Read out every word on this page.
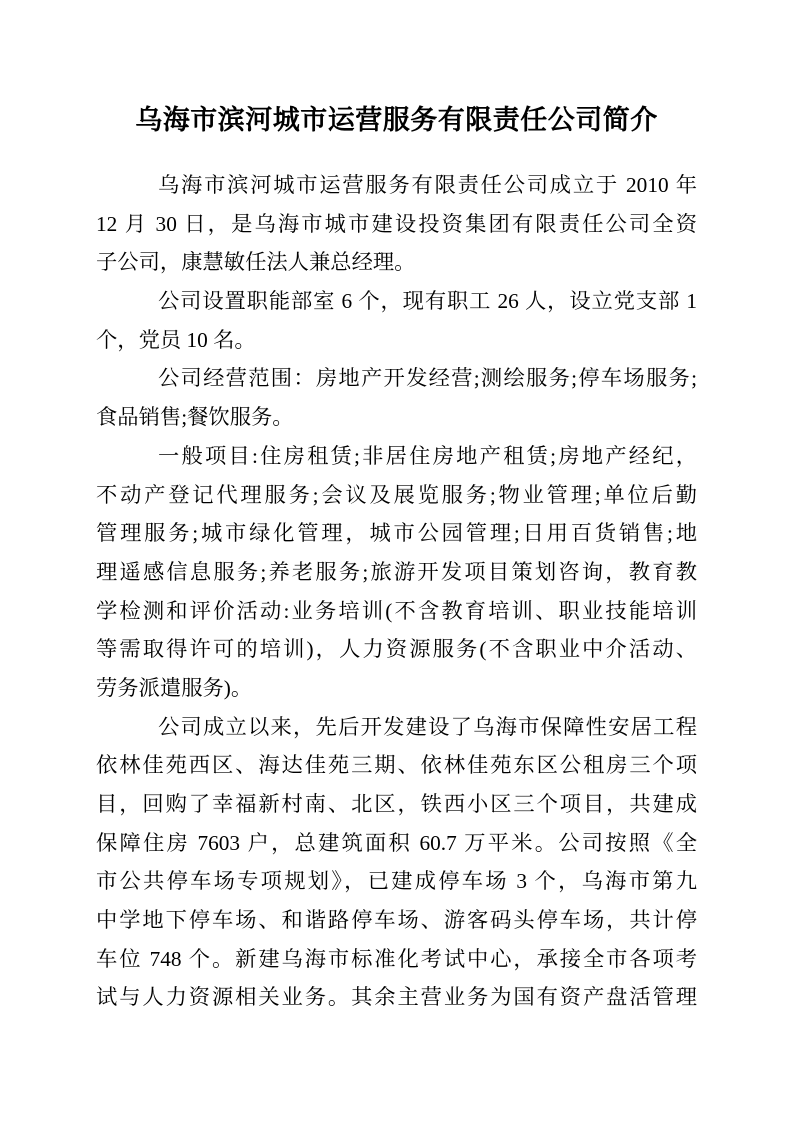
乌海市滨河城市运营服务有限责任公司简介
乌海市滨河城市运营服务有限责任公司成立于 2010 年
12 月 30 日，是乌海市城市建设投资集团有限责任公司全资
子公司，康慧敏任法人兼总经理。
公司设置职能部室 6 个，现有职工 26 人，设立党支部 1
个，党员 10 名。
公司经营范围：房地产开发经营;测绘服务;停车场服务;
食品销售;餐饮服务。
一般项目:住房租赁;非居住房地产租赁;房地产经纪，
不动产登记代理服务;会议及展览服务;物业管理;单位后勤
管理服务;城市绿化管理，城市公园管理;日用百货销售;地
理遥感信息服务;养老服务;旅游开发项目策划咨询，教育教
学检测和评价活动:业务培训(不含教育培训、职业技能培训
等需取得许可的培训)，人力资源服务(不含职业中介活动、
劳务派遣服务)。
公司成立以来，先后开发建设了乌海市保障性安居工程
依林佳苑西区、海达佳苑三期、依林佳苑东区公租房三个项
目，回购了幸福新村南、北区，铁西小区三个项目，共建成
保障住房 7603 户，总建筑面积 60.7 万平米。公司按照《全
市公共停车场专项规划》，已建成停车场 3 个，乌海市第九
中学地下停车场、和谐路停车场、游客码头停车场，共计停
车位 748 个。新建乌海市标准化考试中心，承接全市各项考
试与人力资源相关业务。其余主营业务为国有资产盘活管理
